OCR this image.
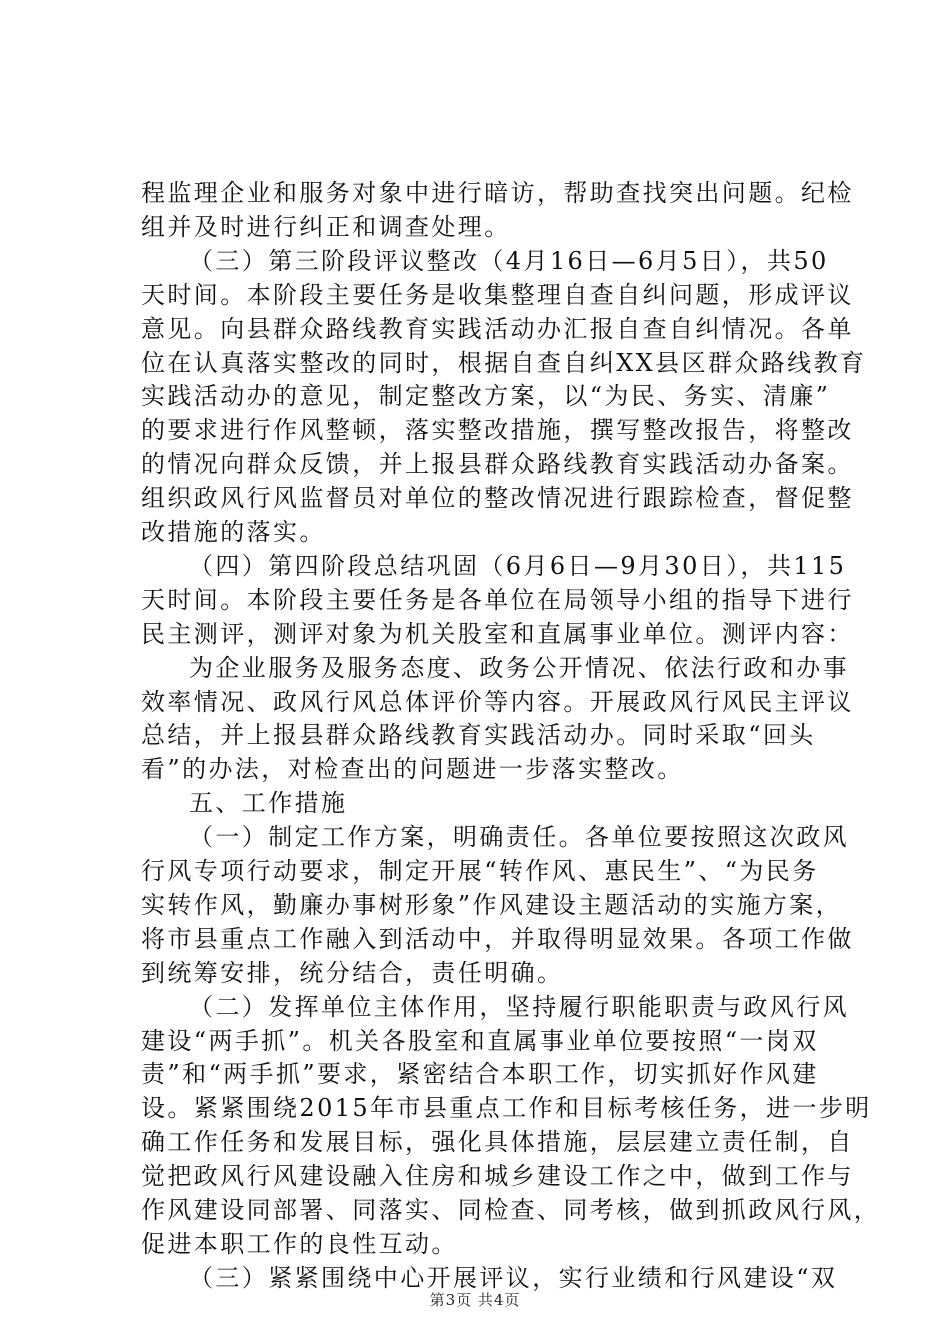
程监理企业和服务对象中进行暗访，帮助查找突出问题。纪检
组并及时进行纠正和调查处理。
（三）第三阶段评议整改（4月16日—6月5日），共50
天时间。本阶段主要任务是收集整理自查自纠问题，形成评议
意见。向县群众路线教育实践活动办汇报自查自纠情况。各单
位在认真落实整改的同时，根据自查自纠XX县区群众路线教育
实践活动办的意见，制定整改方案，以“为民、务实、清廉”
的要求进行作风整顿，落实整改措施，撰写整改报告，将整改
的情况向群众反馈，并上报县群众路线教育实践活动办备案。
组织政风行风监督员对单位的整改情况进行跟踪检查，督促整
改措施的落实。
（四）第四阶段总结巩固（6月6日—9月30日），共115
天时间。本阶段主要任务是各单位在局领导小组的指导下进行
民主测评，测评对象为机关股室和直属事业单位。测评内容：
为企业服务及服务态度、政务公开情况、依法行政和办事
效率情况、政风行风总体评价等内容。开展政风行风民主评议
总结，并上报县群众路线教育实践活动办。同时采取“回头
看”的办法，对检查出的问题进一步落实整改。
五、工作措施
（一）制定工作方案，明确责任。各单位要按照这次政风
行风专项行动要求，制定开展“转作风、惠民生”、“为民务
实转作风，勤廉办事树形象”作风建设主题活动的实施方案，
将市县重点工作融入到活动中，并取得明显效果。各项工作做
到统筹安排，统分结合，责任明确。
（二）发挥单位主体作用，坚持履行职能职责与政风行风
建设“两手抓”。机关各股室和直属事业单位要按照“一岗双
责”和“两手抓”要求，紧密结合本职工作，切实抓好作风建
设。紧紧围绕2015年市县重点工作和目标考核任务，进一步明
确工作任务和发展目标，强化具体措施，层层建立责任制，自
觉把政风行风建设融入住房和城乡建设工作之中，做到工作与
作风建设同部署、同落实、同检查、同考核，做到抓政风行风，
促进本职工作的良性互动。
（三）紧紧围绕中心开展评议，实行业绩和行风建设“双
第3页 共4页
